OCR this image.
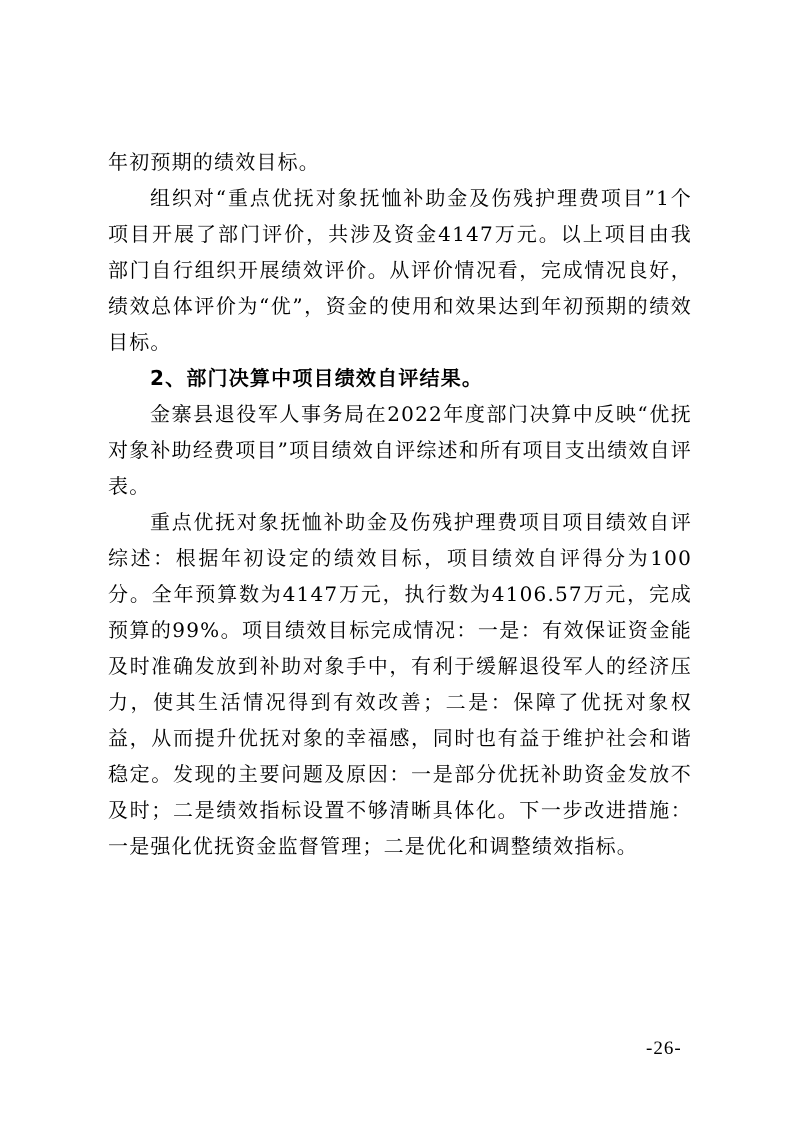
年初预期的绩效目标。

组织对“重点优抚对象抚恤补助金及伤残护理费项目”1个项目开展了部门评价，共涉及资金4147万元。以上项目由我部门自行组织开展绩效评价。从评价情况看，完成情况良好，绩效总体评价为“优”，资金的使用和效果达到年初预期的绩效目标。

2、部门决算中项目绩效自评结果。

金寨县退役军人事务局在2022年度部门决算中反映“优抚对象补助经费项目”项目绩效自评综述和所有项目支出绩效自评表。

重点优抚对象抚恤补助金及伤残护理费项目项目绩效自评综述：根据年初设定的绩效目标，项目绩效自评得分为100分。全年预算数为4147万元，执行数为4106.57万元，完成预算的99%。项目绩效目标完成情况：一是：有效保证资金能及时准确发放到补助对象手中，有利于缓解退役军人的经济压力，使其生活情况得到有效改善；二是：保障了优抚对象权益，从而提升优抚对象的幸福感，同时也有益于维护社会和谐稳定。发现的主要问题及原因：一是部分优抚补助资金发放不及时；二是绩效指标设置不够清晰具体化。下一步改进措施：一是强化优抚资金监督管理；二是优化和调整绩效指标。

-26-
